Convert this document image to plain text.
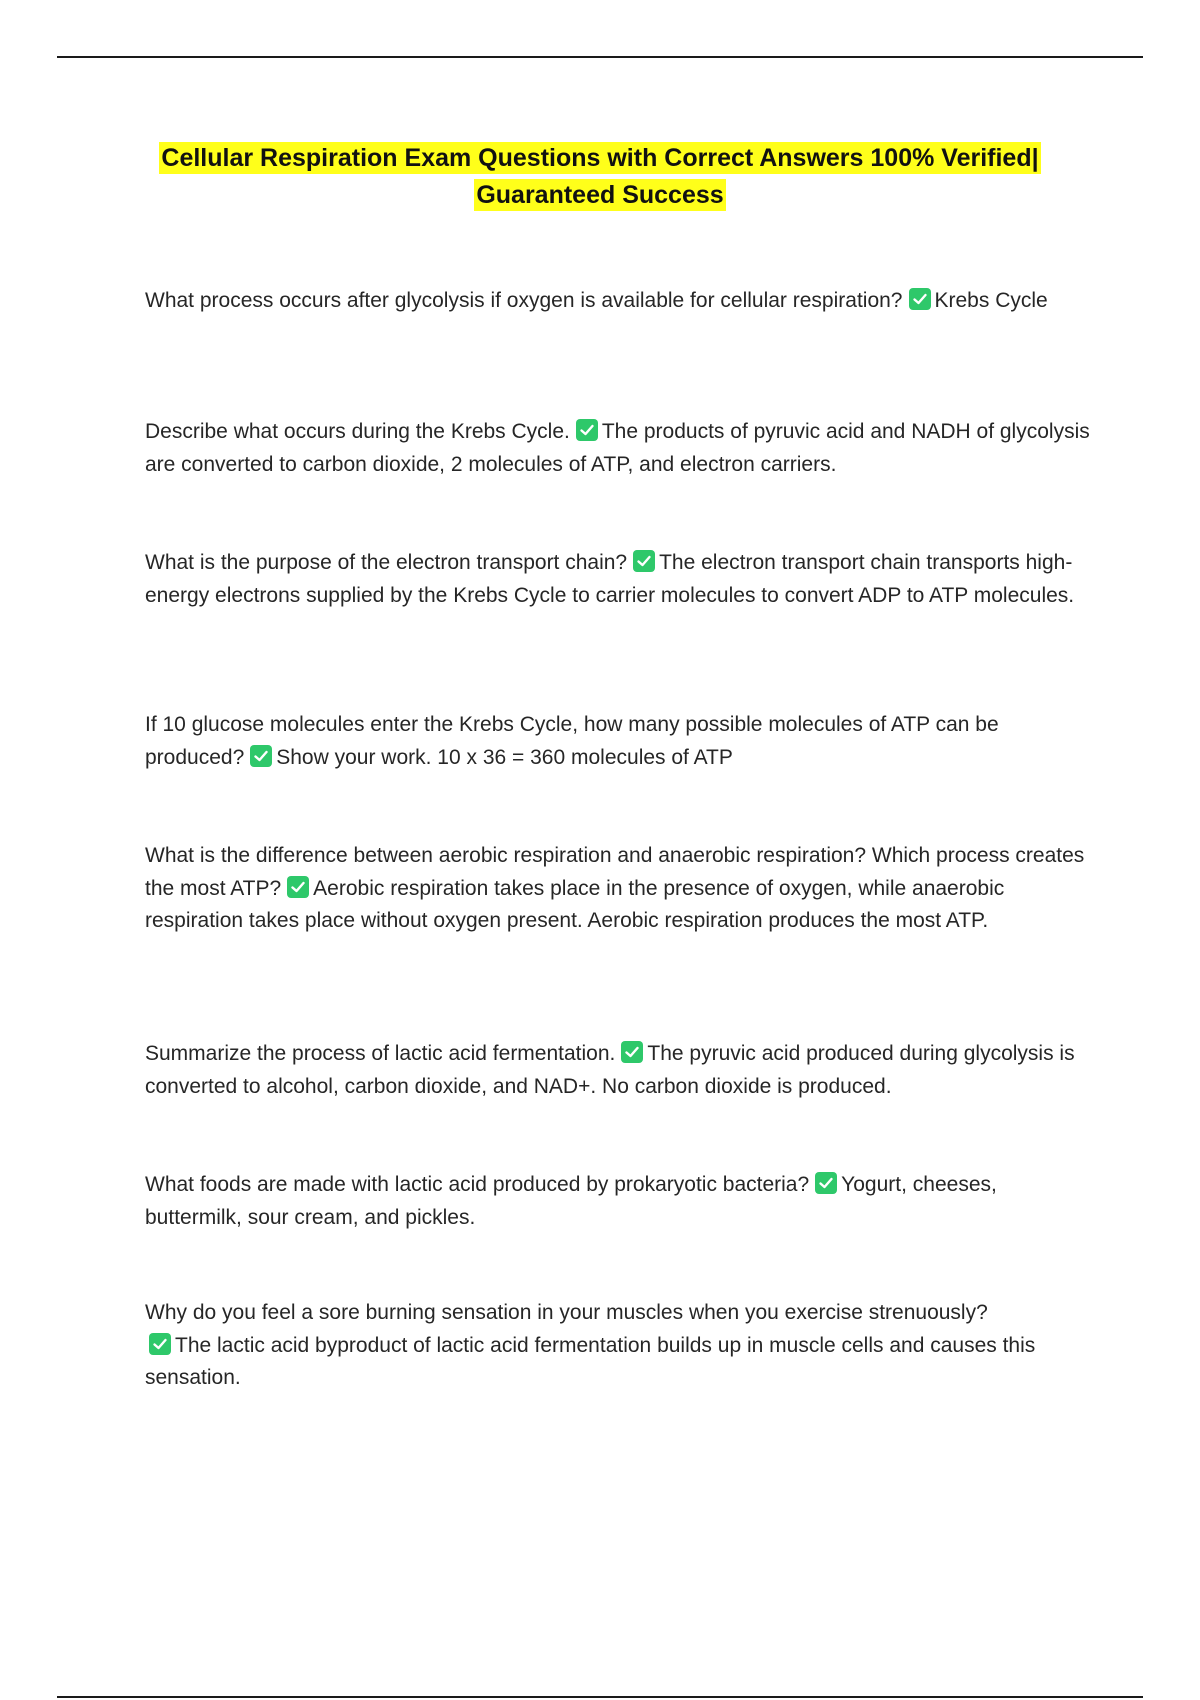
Cellular Respiration Exam Questions with Correct Answers 100% Verified|
Guaranteed Success
What process occurs after glycolysis if oxygen is available for cellular respiration? Krebs Cycle
Describe what occurs during the Krebs Cycle. The products of pyruvic acid and NADH of glycolysis are converted to carbon dioxide, 2 molecules of ATP, and electron carriers.
What is the purpose of the electron transport chain? The electron transport chain transports high-energy electrons supplied by the Krebs Cycle to carrier molecules to convert ADP to ATP molecules.
If 10 glucose molecules enter the Krebs Cycle, how many possible molecules of ATP can be produced? Show your work. 10 x 36 = 360 molecules of ATP
What is the difference between aerobic respiration and anaerobic respiration? Which process creates the most ATP? Aerobic respiration takes place in the presence of oxygen, while anaerobic respiration takes place without oxygen present. Aerobic respiration produces the most ATP.
Summarize the process of lactic acid fermentation. The pyruvic acid produced during glycolysis is converted to alcohol, carbon dioxide, and NAD+. No carbon dioxide is produced.
What foods are made with lactic acid produced by prokaryotic bacteria? Yogurt, cheeses, buttermilk, sour cream, and pickles.
Why do you feel a sore burning sensation in your muscles when you exercise strenuously?

The lactic acid byproduct of lactic acid fermentation builds up in muscle cells and causes this sensation.
